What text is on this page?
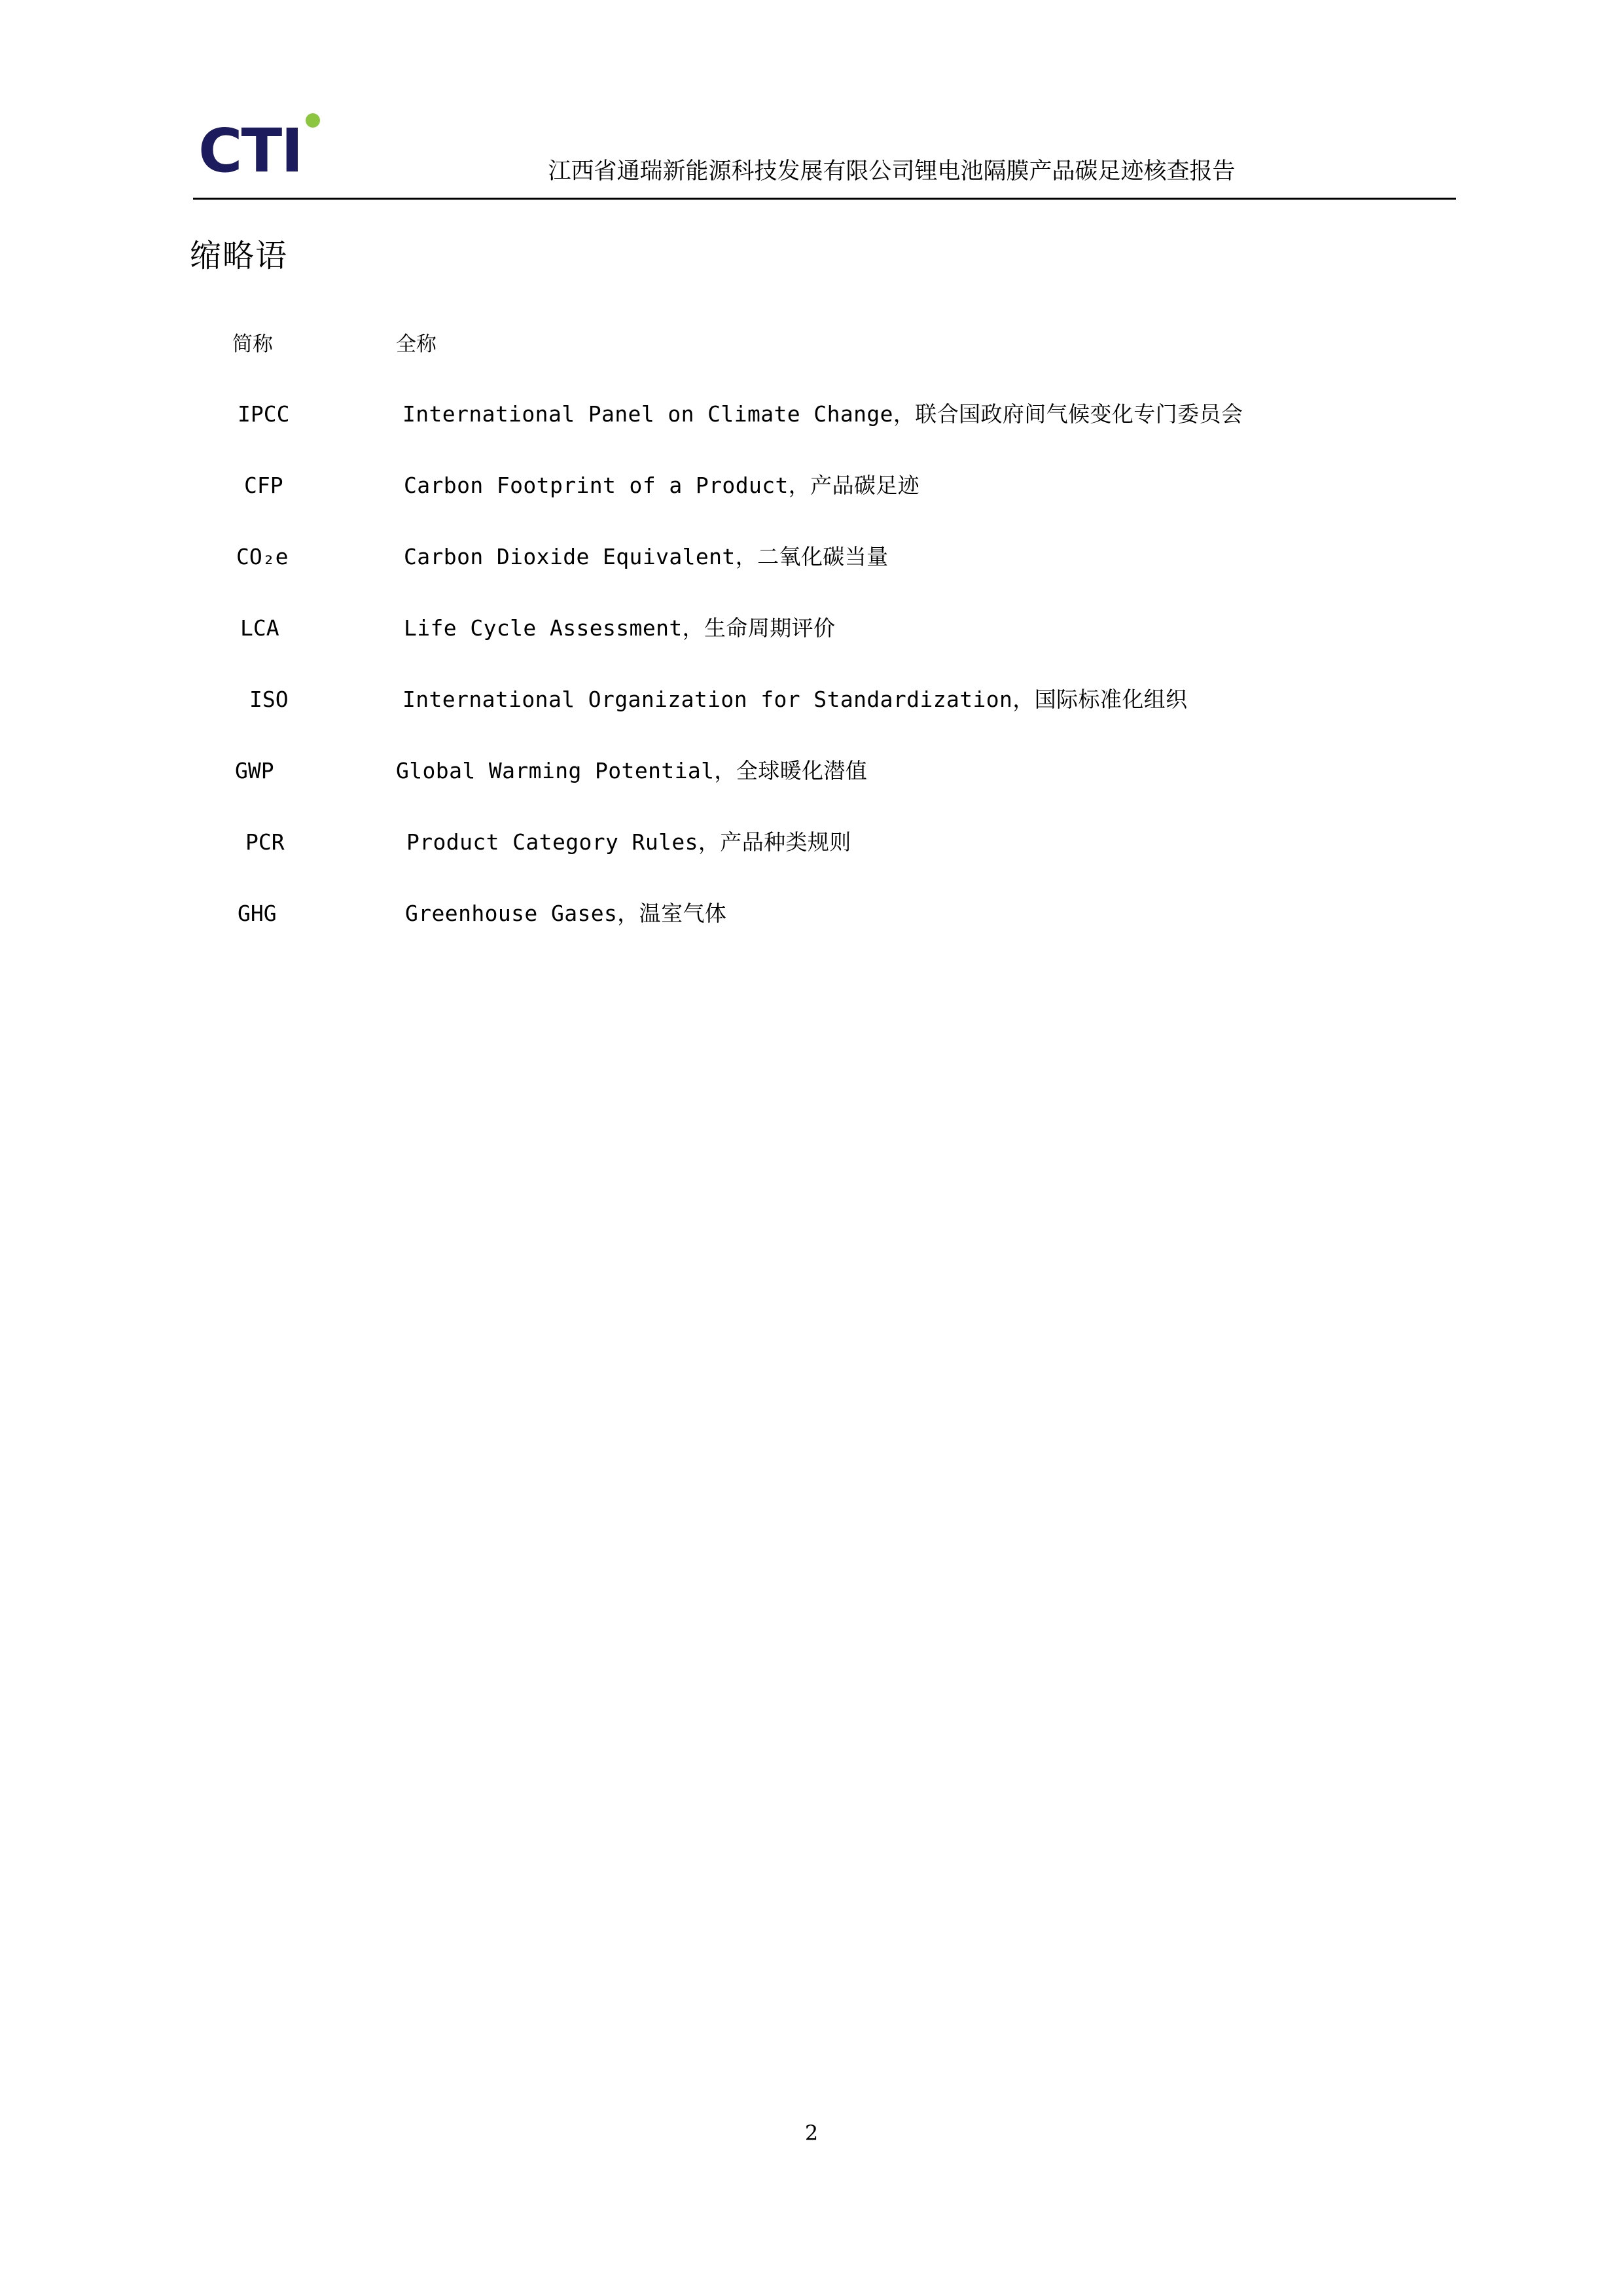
CTI	江西省通瑞新能源科技发展有限公司锂电池隔膜产品碳足迹核查报告
缩略语
简称	全称
IPCC	International Panel on Climate Change，联合国政府间气候变化专门委员会
CFP	Carbon Footprint of a Product，产品碳足迹
CO₂e	Carbon Dioxide Equivalent，二氧化碳当量
LCA	Life Cycle Assessment，生命周期评价
ISO	International Organization for Standardization，国际标准化组织
GWP	Global Warming Potential，全球暖化潜值
PCR	Product Category Rules，产品种类规则
GHG	Greenhouse Gases，温室气体
2
